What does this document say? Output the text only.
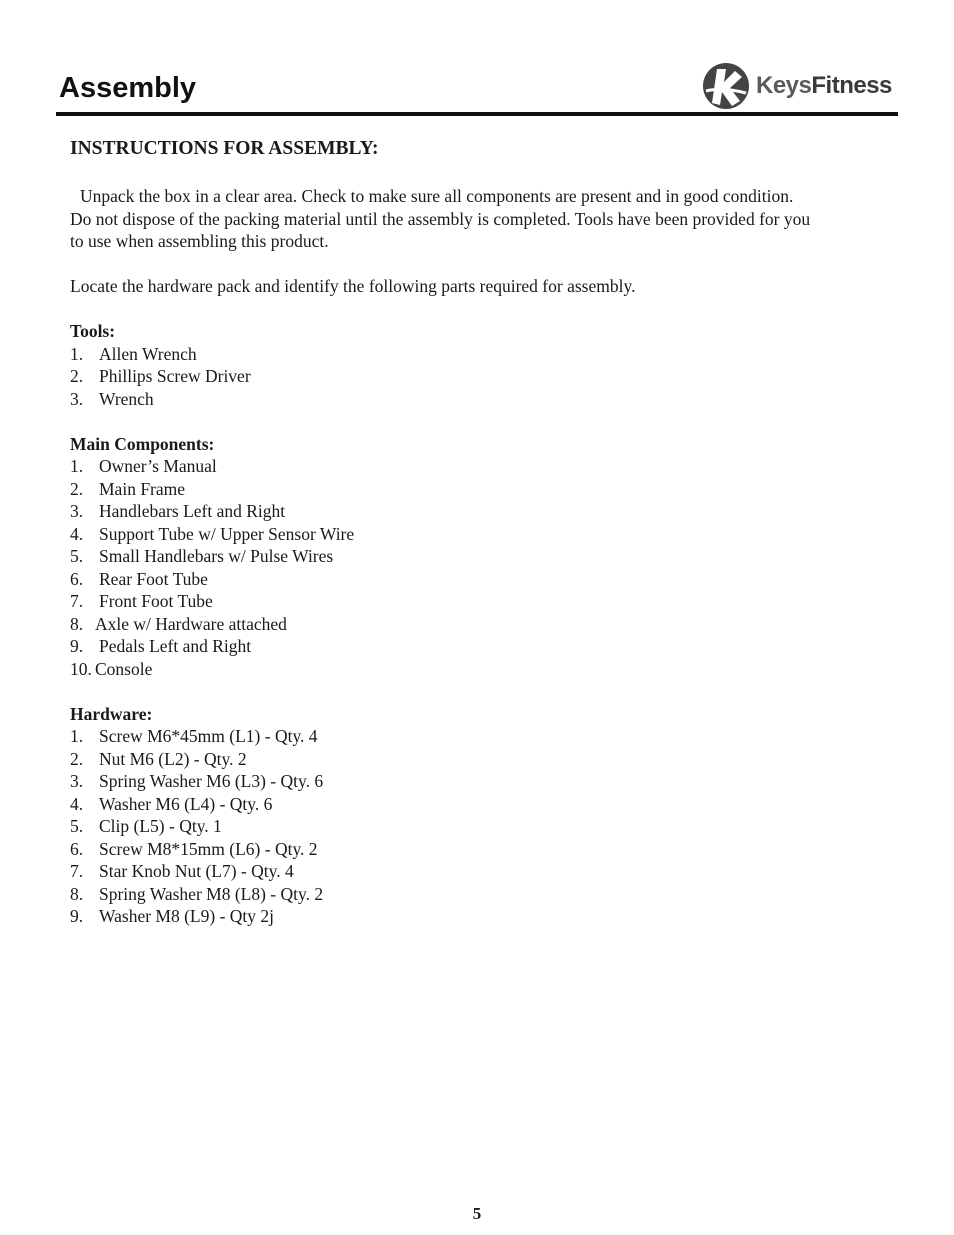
Assembly	KeysFitness
INSTRUCTIONS FOR ASSEMBLY:

Unpack the box in a clear area. Check to make sure all components are present and in good condition.
Do not dispose of the packing material until the assembly is completed. Tools have been provided for you
to use when assembling this product.

Locate the hardware pack and identify the following parts required for assembly.

Tools:
1. Allen Wrench
2. Phillips Screw Driver
3. Wrench
Main Components:
1. Owner’s Manual
2. Main Frame
3. Handlebars Left and Right
4. Support Tube w/ Upper Sensor Wire
5. Small Handlebars w/ Pulse Wires
6. Rear Foot Tube
7. Front Foot Tube
8. Axle w/ Hardware attached
9. Pedals Left and Right
10. Console
Hardware:
1. Screw M6*45mm (L1) - Qty. 4
2. Nut M6 (L2) - Qty. 2
3. Spring Washer M6 (L3) - Qty. 6
4. Washer M6 (L4) - Qty. 6
5. Clip (L5) - Qty. 1
6. Screw M8*15mm (L6) - Qty. 2
7. Star Knob Nut (L7) - Qty. 4
8. Spring Washer M8 (L8) - Qty. 2
9. Washer M8 (L9) - Qty 2j
5
